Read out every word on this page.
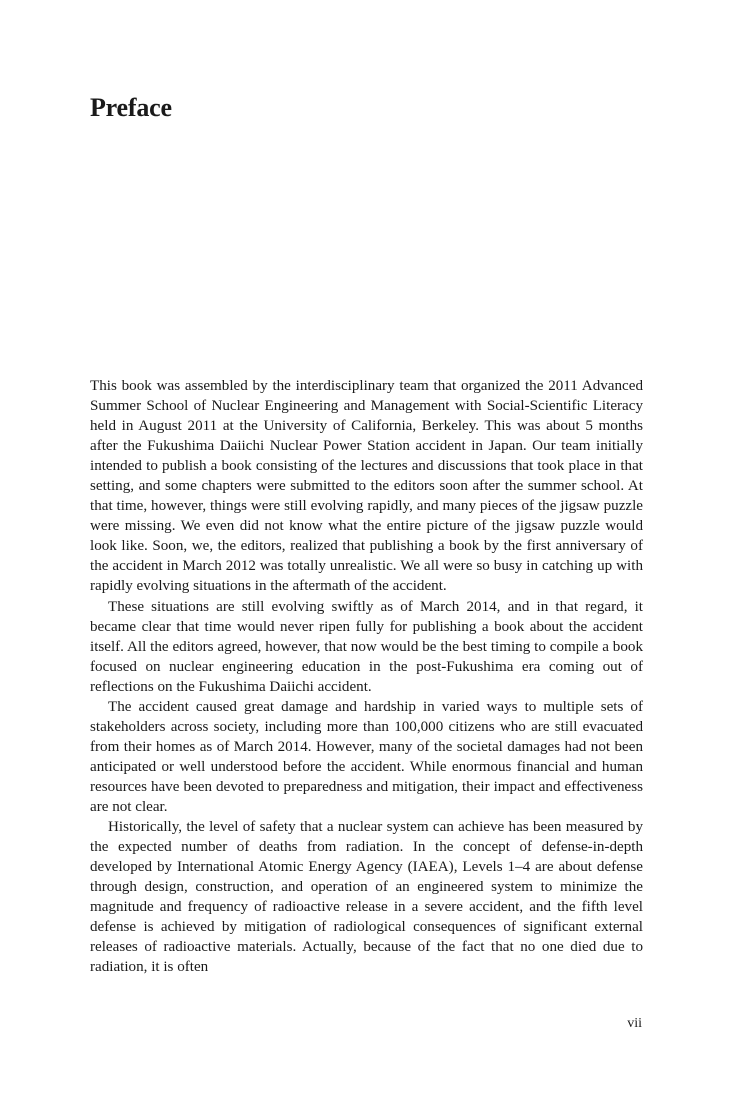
Preface

This book was assembled by the interdisciplinary team that organized the 2011 Advanced Summer School of Nuclear Engineering and Management with Social-Scientific Literacy held in August 2011 at the University of California, Berkeley. This was about 5 months after the Fukushima Daiichi Nuclear Power Station accident in Japan. Our team initially intended to publish a book consisting of the lectures and discussions that took place in that setting, and some chapters were submitted to the editors soon after the summer school. At that time, however, things were still evolving rapidly, and many pieces of the jigsaw puzzle were missing. We even did not know what the entire picture of the jigsaw puzzle would look like. Soon, we, the editors, realized that publishing a book by the first anniversary of the accident in March 2012 was totally unrealistic. We all were so busy in catching up with rapidly evolving situations in the aftermath of the accident.

These situations are still evolving swiftly as of March 2014, and in that regard, it became clear that time would never ripen fully for publishing a book about the accident itself. All the editors agreed, however, that now would be the best timing to compile a book focused on nuclear engineering education in the post-Fukushima era coming out of reflections on the Fukushima Daiichi accident.

The accident caused great damage and hardship in varied ways to multiple sets of stakeholders across society, including more than 100,000 citizens who are still evacuated from their homes as of March 2014. However, many of the societal damages had not been anticipated or well understood before the accident. While enormous financial and human resources have been devoted to preparedness and mitigation, their impact and effectiveness are not clear.

Historically, the level of safety that a nuclear system can achieve has been measured by the expected number of deaths from radiation. In the concept of defense-in-depth developed by International Atomic Energy Agency (IAEA), Levels 1–4 are about defense through design, construction, and operation of an engineered system to minimize the magnitude and frequency of radioactive release in a severe accident, and the fifth level defense is achieved by mitigation of radiological consequences of significant external releases of radioactive materials. Actually, because of the fact that no one died due to radiation, it is often

vii
